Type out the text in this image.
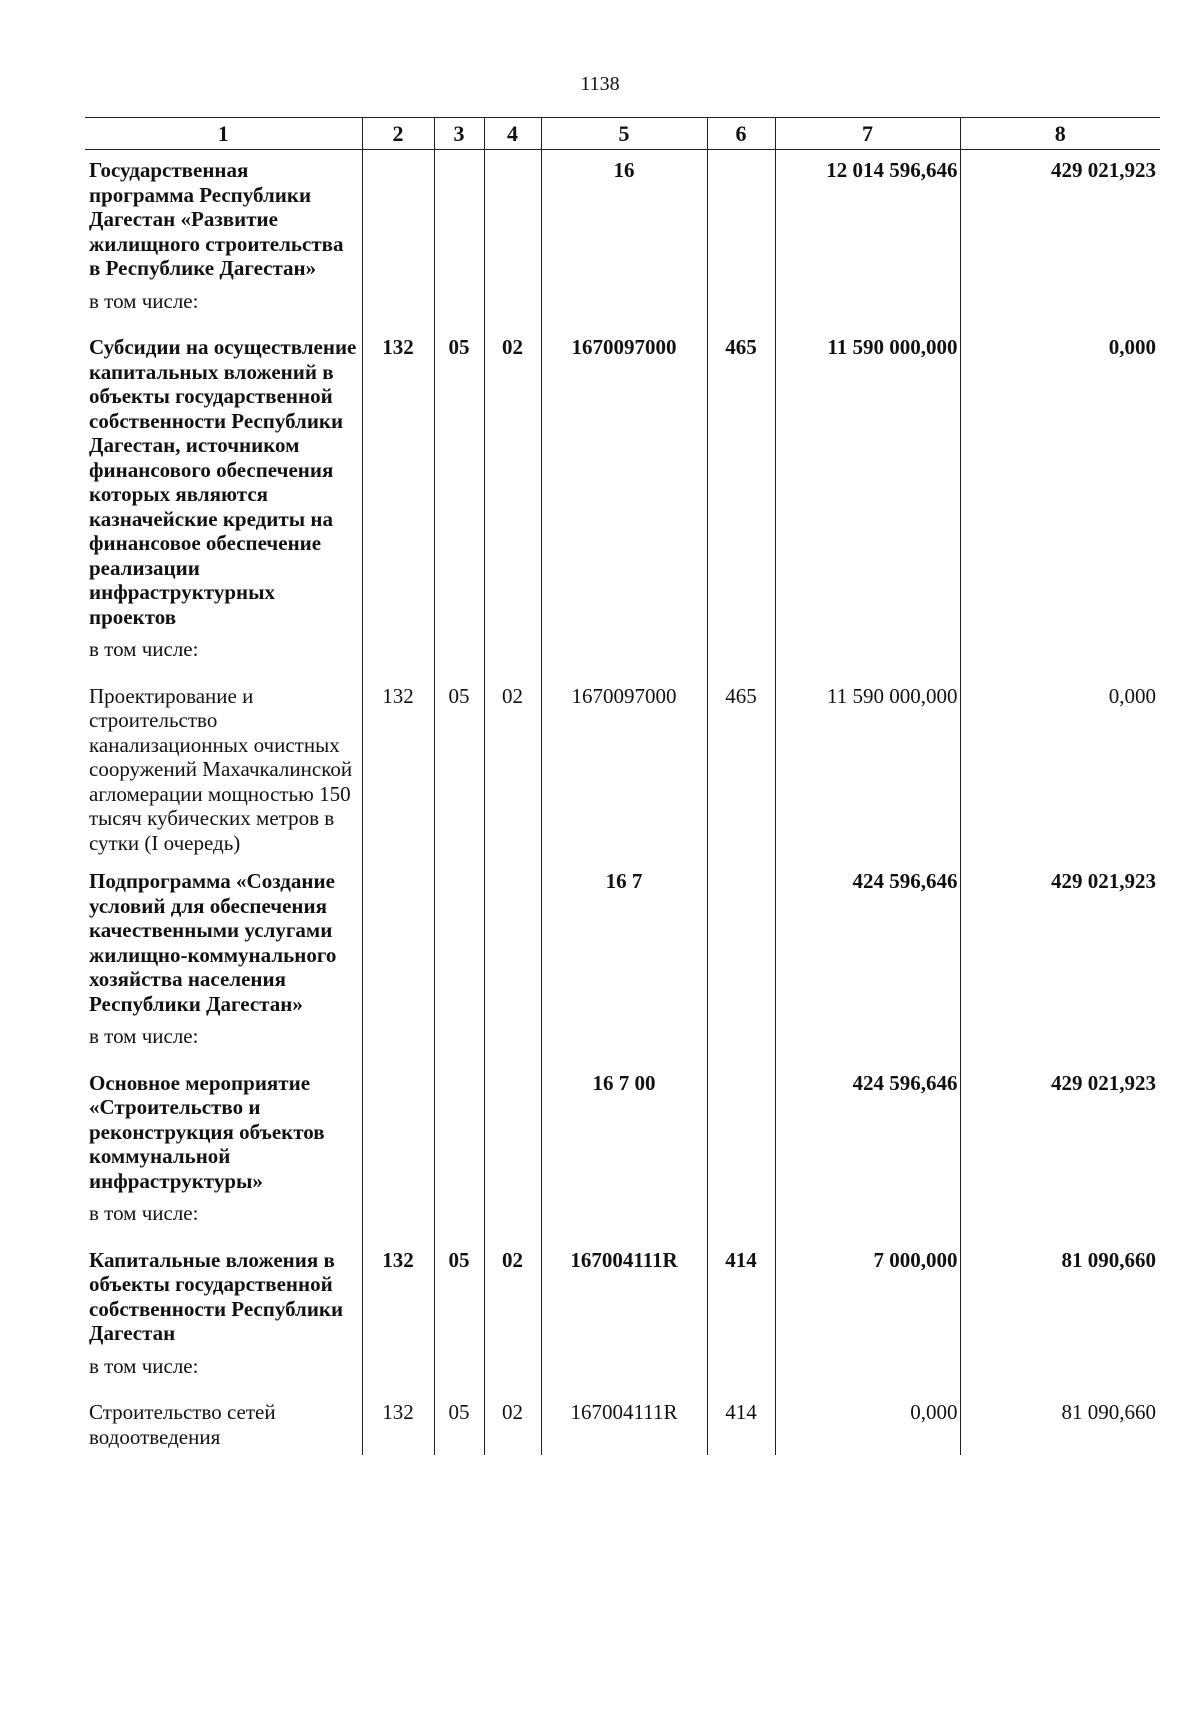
1138
1	2	3	4	5	6	7	8
Государственная программа Республики Дагестан «Развитие жилищного строительства в Республике Дагестан»				16		12 014 596,646	429 021,923
в том числе:							
Субсидии на осуществление капитальных вложений в объекты государственной собственности Республики Дагестан, источником финансового обеспечения которых являются казначейские кредиты на финансовое обеспечение реализации инфраструктурных проектов	132	05	02	1670097000	465	11 590 000,000	0,000
в том числе:							
Проектирование и строительство канализационных очистных сооружений Махачкалинской агломерации мощностью 150 тысяч кубических метров в сутки (I очередь)	132	05	02	1670097000	465	11 590 000,000	0,000
Подпрограмма «Создание условий для обеспечения качественными услугами жилищно-коммунального хозяйства населения Республики Дагестан»				16 7		424 596,646	429 021,923
в том числе:							
Основное мероприятие «Строительство и реконструкция объектов коммунальной инфраструктуры»				16 7 00		424 596,646	429 021,923
в том числе:							
Капитальные вложения в объекты государственной собственности Республики Дагестан	132	05	02	167004111R	414	7 000,000	81 090,660
в том числе:							
Строительство сетей водоотведения	132	05	02	167004111R	414	0,000	81 090,660
